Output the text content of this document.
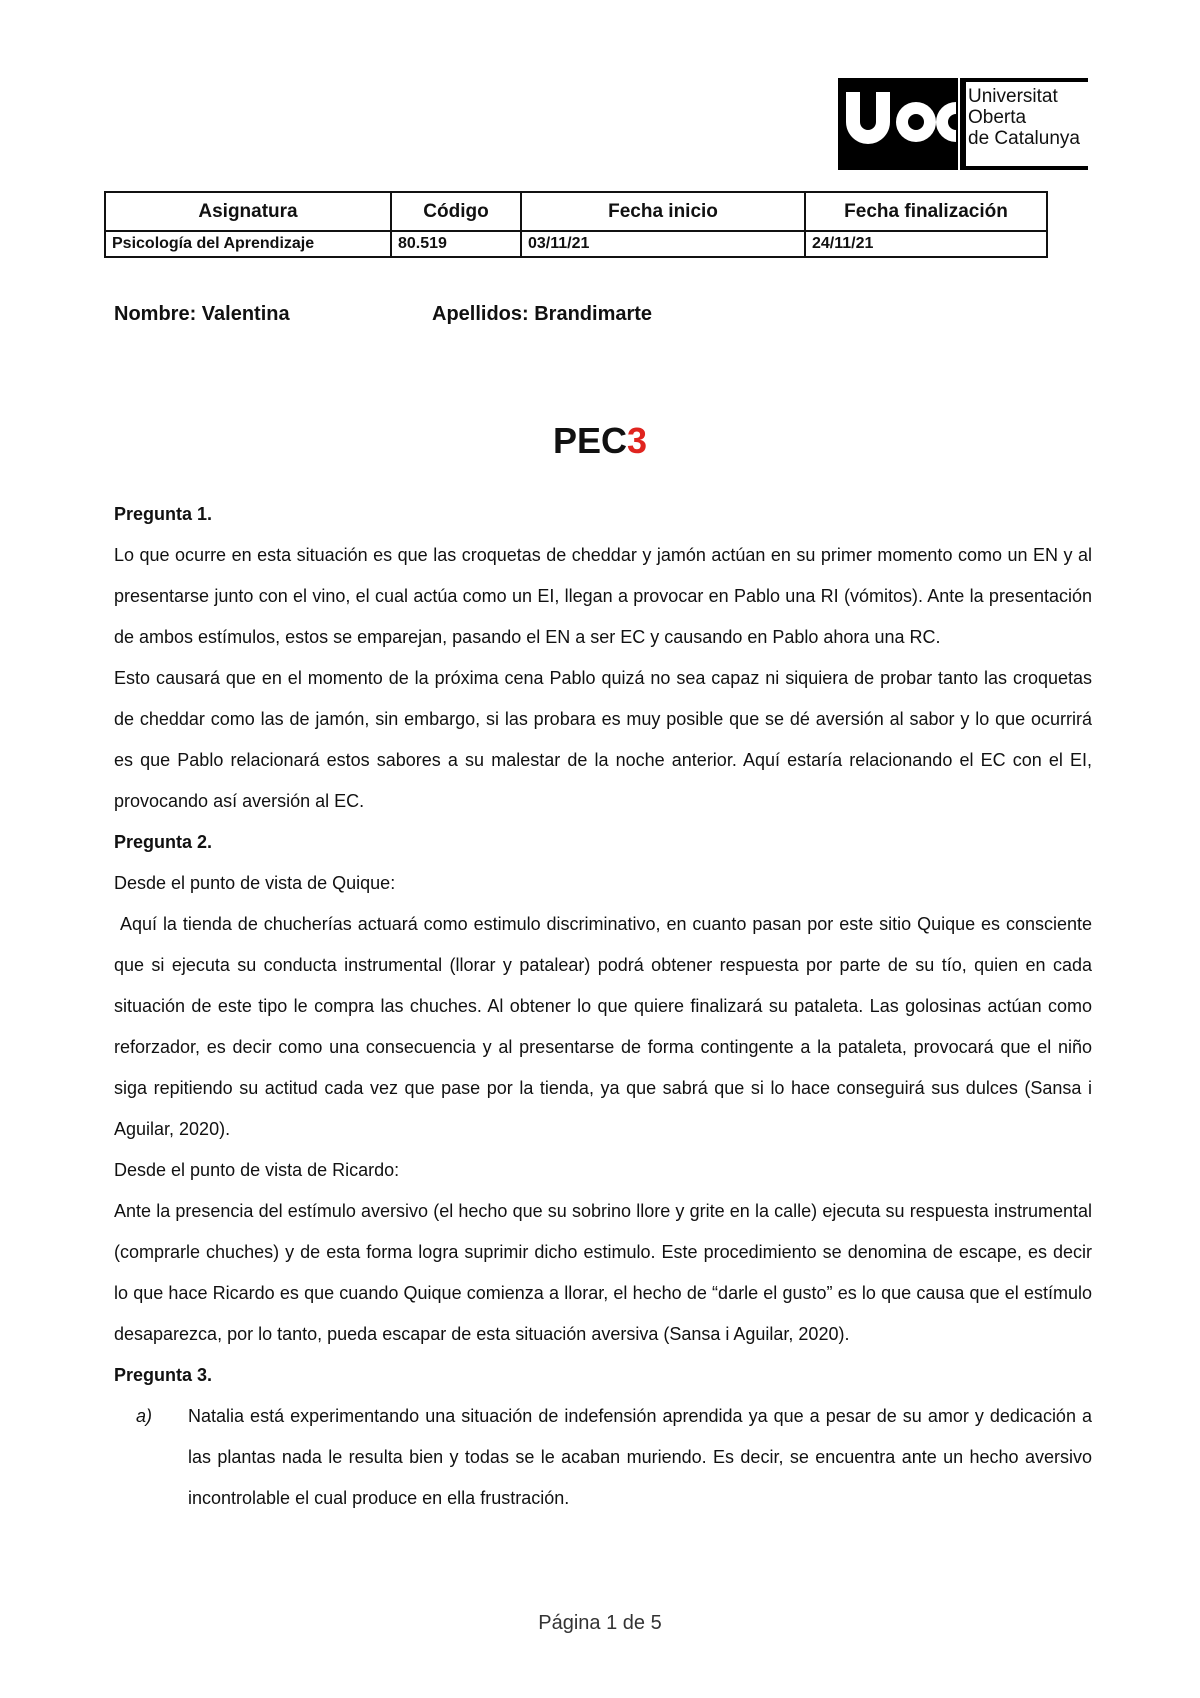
Universitat
Oberta
de Catalunya
Asignatura	Código	Fecha inicio	Fecha finalización
Psicología del Aprendizaje	80.519	03/11/21	24/11/21
Nombre: Valentina	Apellidos: Brandimarte
PEC3

Pregunta 1.

Lo que ocurre en esta situación es que las croquetas de cheddar y jamón actúan en su primer momento como un EN y al presentarse junto con el vino, el cual actúa como un EI, llegan a provocar en Pablo una RI (vómitos). Ante la presentación de ambos estímulos, estos se emparejan, pasando el EN a ser EC y causando en Pablo ahora una RC.

Esto causará que en el momento de la próxima cena Pablo quizá no sea capaz ni siquiera de probar tanto las croquetas de cheddar como las de jamón, sin embargo, si las probara es muy posible que se dé aversión al sabor y lo que ocurrirá es que Pablo relacionará estos sabores a su malestar de la noche anterior. Aquí estaría relacionando el EC con el EI, provocando así aversión al EC.

Pregunta 2.

Desde el punto de vista de Quique:

Aquí la tienda de chucherías actuará como estimulo discriminativo, en cuanto pasan por este sitio Quique es consciente que si ejecuta su conducta instrumental (llorar y patalear) podrá obtener respuesta por parte de su tío, quien en cada situación de este tipo le compra las chuches. Al obtener lo que quiere finalizará su pataleta. Las golosinas actúan como reforzador, es decir como una consecuencia y al presentarse de forma contingente a la pataleta, provocará que el niño siga repitiendo su actitud cada vez que pase por la tienda, ya que sabrá que si lo hace conseguirá sus dulces (Sansa i Aguilar, 2020).

Desde el punto de vista de Ricardo:

Ante la presencia del estímulo aversivo (el hecho que su sobrino llore y grite en la calle) ejecuta su respuesta instrumental (comprarle chuches) y de esta forma logra suprimir dicho estimulo. Este procedimiento se denomina de escape, es decir lo que hace Ricardo es que cuando Quique comienza a llorar, el hecho de “darle el gusto” es lo que causa que el estímulo desaparezca, por lo tanto, pueda escapar de esta situación aversiva (Sansa i Aguilar, 2020).

Pregunta 3.

a) Natalia está experimentando una situación de indefensión aprendida ya que a pesar de su amor y dedicación a las plantas nada le resulta bien y todas se le acaban muriendo. Es decir, se encuentra ante un hecho aversivo incontrolable el cual produce en ella frustración.

Página 1 de 5
